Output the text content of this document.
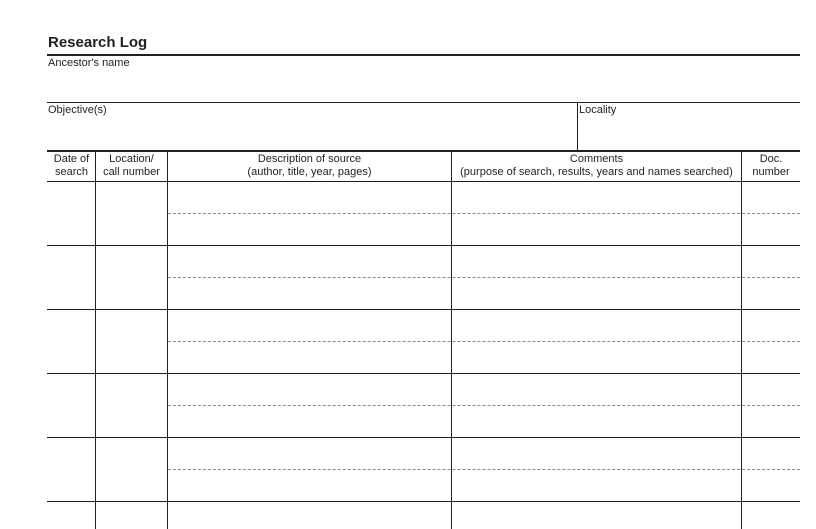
Research Log
Ancestor's name
Objective(s)	Locality
Date of
search
Location/
call number
Description of source
(author, title, year, pages)
Comments
(purpose of search, results, years and names searched)
Doc.
number
